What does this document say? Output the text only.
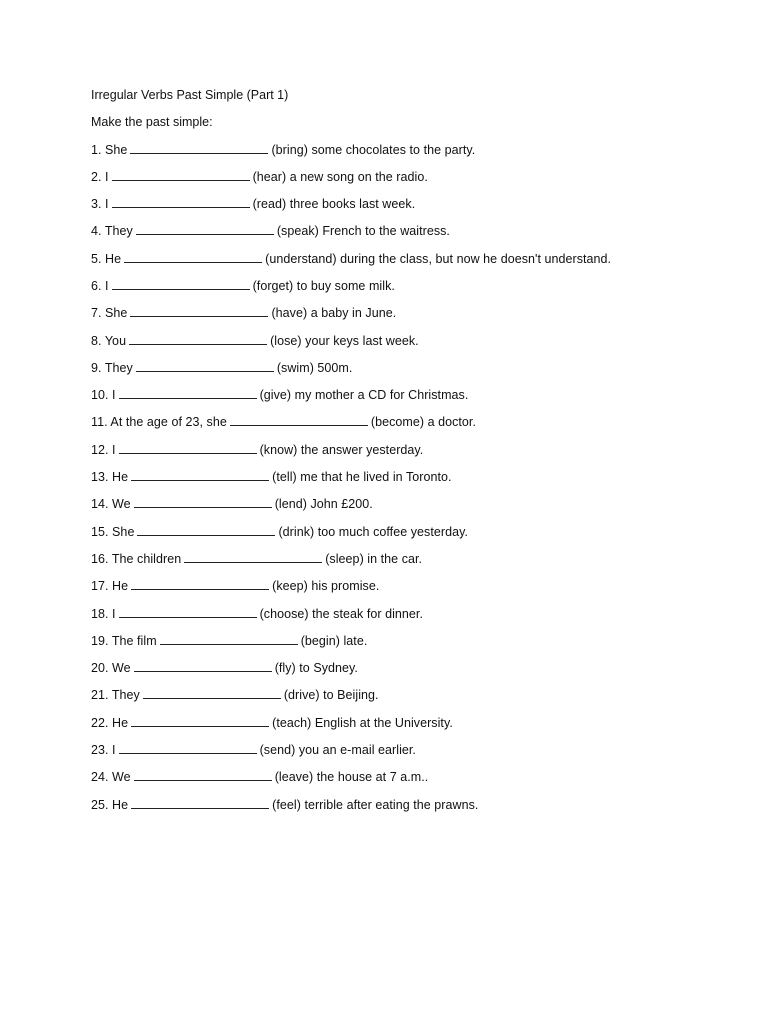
Irregular Verbs Past Simple (Part 1)
Make the past simple:
1. She	(bring) some chocolates to the party.
2. I	(hear) a new song on the radio.
3. I	(read) three books last week.
4. They	(speak) French to the waitress.
5. He	(understand) during the class, but now he doesn't understand.
6. I	(forget) to buy some milk.
7. She	(have) a baby in June.
8. You	(lose) your keys last week.
9. They	(swim) 500m.
10. I	(give) my mother a CD for Christmas.
11. At the age of 23, she	(become) a doctor.
12. I	(know) the answer yesterday.
13. He	(tell) me that he lived in Toronto.
14. We	(lend) John £200.
15. She	(drink) too much coffee yesterday.
16. The children	(sleep) in the car.
17. He	(keep) his promise.
18. I	(choose) the steak for dinner.
19. The film	(begin) late.
20. We	(fly) to Sydney.
21. They	(drive) to Beijing.
22. He	(teach) English at the University.
23. I	(send) you an e-mail earlier.
24. We	(leave) the house at 7 a.m..
25. He	(feel) terrible after eating the prawns.
